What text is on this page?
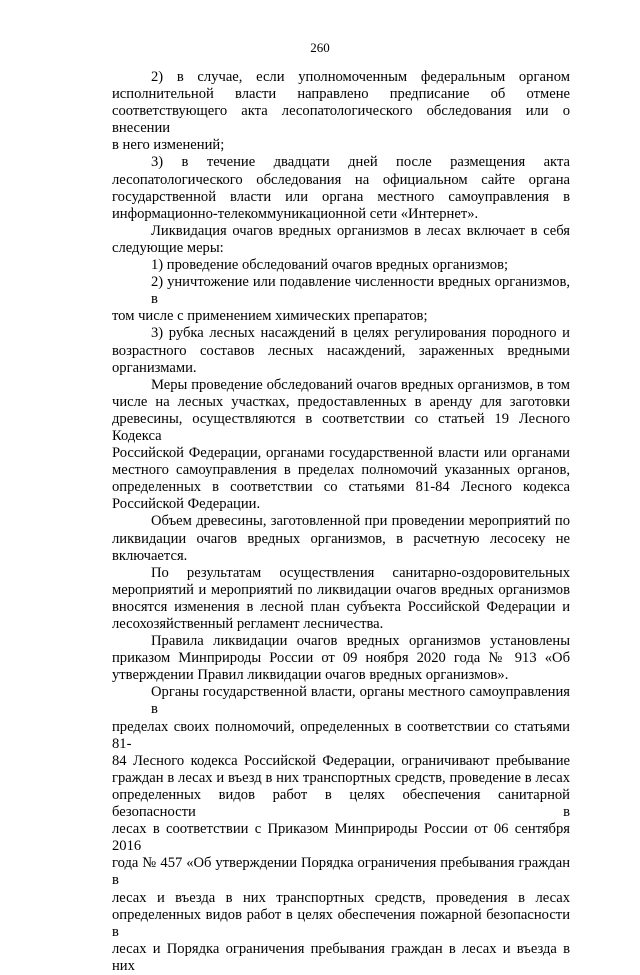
260
2) в случае, если уполномоченным федеральным органом
исполнительной власти направлено предписание об отмене
соответствующего акта лесопатологического обследования или о внесении
в него изменений;
3) в течение двадцати дней после размещения акта
лесопатологического обследования на официальном сайте органа
государственной власти или органа местного самоуправления в
информационно-телекоммуникационной сети «Интернет».
Ликвидация очагов вредных организмов в лесах включает в себя
следующие меры:
1) проведение обследований очагов вредных организмов;
2) уничтожение или подавление численности вредных организмов, в
том числе с применением химических препаратов;
3) рубка лесных насаждений в целях регулирования породного и
возрастного составов лесных насаждений, зараженных вредными
организмами.
Меры проведение обследований очагов вредных организмов, в том
числе на лесных участках, предоставленных в аренду для заготовки
древесины, осуществляются в соответствии со статьей 19 Лесного Кодекса
Российской Федерации, органами государственной власти или органами
местного самоуправления в пределах полномочий указанных органов,
определенных в соответствии со статьями 81-84 Лесного кодекса
Российской Федерации.
Объем древесины, заготовленной при проведении мероприятий по
ликвидации очагов вредных организмов, в расчетную лесосеку не
включается.
По результатам осуществления санитарно-оздоровительных
мероприятий и мероприятий по ликвидации очагов вредных организмов
вносятся изменения в лесной план субъекта Российской Федерации и
лесохозяйственный регламент лесничества.
Правила ликвидации очагов вредных организмов установлены
приказом Минприроды России от 09 ноября 2020 года № 913 «Об
утверждении Правил ликвидации очагов вредных организмов».
Органы государственной власти, органы местного самоуправления в
пределах своих полномочий, определенных в соответствии со статьями 81-
84 Лесного кодекса Российской Федерации, ограничивают пребывание
граждан в лесах и въезд в них транспортных средств, проведение в лесах
определенных видов работ в целях обеспечения санитарной безопасности в
лесах в соответствии с Приказом Минприроды России от 06 сентября 2016
года № 457 «Об утверждении Порядка ограничения пребывания граждан в
лесах и въезда в них транспортных средств, проведения в лесах
определенных видов работ в целях обеспечения пожарной безопасности в
лесах и Порядка ограничения пребывания граждан в лесах и въезда в них
